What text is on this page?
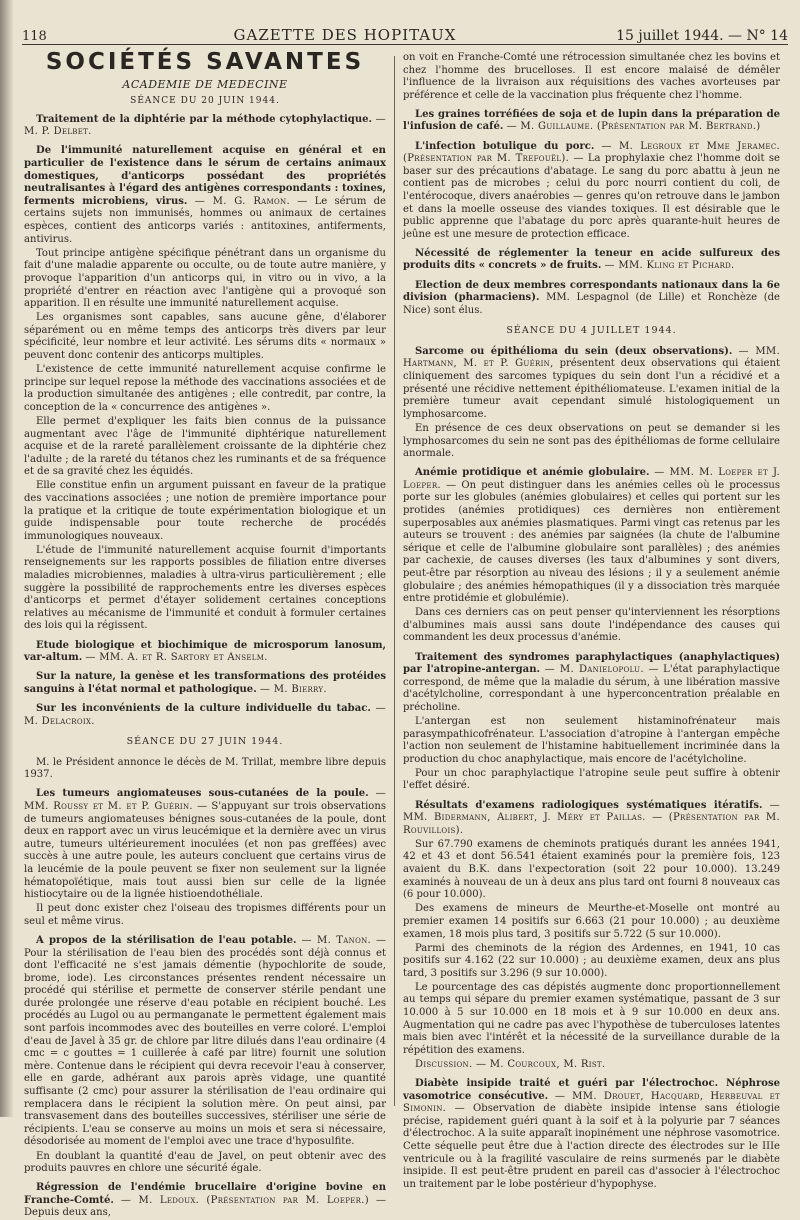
118	GAZETTE DES HOPITAUX	15 juillet 1944. — N° 14
SOCIÉTÉS SAVANTES
ACADEMIE DE MEDECINE
SÉANCE DU 20 JUIN 1944.

Traitement de la diphtérie par la méthode cytophylactique. — M. P. Delbet.

De l'immunité naturellement acquise en général et en particulier de l'existence dans le sérum de certains animaux domestiques, d'anticorps possédant des propriétés neutralisantes à l'égard des antigènes correspondants : toxines, ferments microbiens, virus. — M. G. Ramon. — Le sérum de certains sujets non immunisés, hommes ou animaux de certaines espèces, contient des anticorps variés : antitoxines, antiferments, antivirus.

Tout principe antigène spécifique pénétrant dans un organisme du fait d'une maladie apparente ou occulte, ou de toute autre manière, y provoque l'apparition d'un anticorps qui, in vitro ou in vivo, a la propriété d'entrer en réaction avec l'antigène qui a provoqué son apparition. Il en résulte une immunité naturellement acquise.

Les organismes sont capables, sans aucune gêne, d'élaborer séparément ou en même temps des anticorps très divers par leur spécificité, leur nombre et leur activité. Les sérums dits « normaux » peuvent donc contenir des anticorps multiples.

L'existence de cette immunité naturellement acquise confirme le principe sur lequel repose la méthode des vaccinations associées et de la production simultanée des antigènes ; elle contredit, par contre, la conception de la « concurrence des antigènes ».

Elle permet d'expliquer les faits bien connus de la puissance augmentant avec l'âge de l'immunité diphtérique naturellement acquise et de la rareté parallèlement croissante de la diphtérie chez l'adulte ; de la rareté du tétanos chez les ruminants et de sa fréquence et de sa gravité chez les équidés.

Elle constitue enfin un argument puissant en faveur de la pratique des vaccinations associées ; une notion de première importance pour la pratique et la critique de toute expérimentation biologique et un guide indispensable pour toute recherche de procédés immunologiques nouveaux.

L'étude de l'immunité naturellement acquise fournit d'importants renseignements sur les rapports possibles de filiation entre diverses maladies microbiennes, maladies à ultra-virus particulièrement ; elle suggère la possibilité de rapprochements entre les diverses espèces d'anticorps et permet d'étayer solidement certaines conceptions relatives au mécanisme de l'immunité et conduit à formuler certaines des lois qui la régissent.

Etude biologique et biochimique de microsporum lanosum, var-altum. — MM. A. et R. Sartory et Anselm.

Sur la nature, la genèse et les transformations des protéides sanguins à l'état normal et pathologique. — M. Bierry.

Sur les inconvénients de la culture individuelle du tabac. — M. Delacroix.

SÉANCE DU 27 JUIN 1944.

M. le Président annonce le décès de M. Trillat, membre libre depuis 1937.

Les tumeurs angiomateuses sous-cutanées de la poule. — MM. Roussy et M. et P. Guérin. — S'appuyant sur trois observations de tumeurs angiomateuses bénignes sous-cutanées de la poule, dont deux en rapport avec un virus leucémique et la dernière avec un virus autre, tumeurs ultérieurement inoculées (et non pas greffées) avec succès à une autre poule, les auteurs concluent que certains virus de la leucémie de la poule peuvent se fixer non seulement sur la lignée hématopoïétique, mais tout aussi bien sur celle de la lignée histiocytaire ou de la lignée histioendothéliale.

Il peut donc exister chez l'oiseau des tropismes différents pour un seul et même virus.

A propos de la stérilisation de l'eau potable. — M. Tanon. — Pour la stérilisation de l'eau bien des procédés sont déjà connus et dont l'efficacité ne s'est jamais démentie (hypochlorite de soude, brome, iode). Les circonstances présentes rendent nécessaire un procédé qui stérilise et permette de conserver stérile pendant une durée prolongée une réserve d'eau potable en récipient bouché. Les procédés au Lugol ou au permanganate le permettent également mais sont parfois incommodes avec des bouteilles en verre coloré. L'emploi d'eau de Javel à 35 gr. de chlore par litre dilués dans l'eau ordinaire (4 cmc = c gouttes = 1 cuillerée à café par litre) fournit une solution mère. Contenue dans le récipient qui devra recevoir l'eau à conserver, elle en garde, adhérant aux parois après vidage, une quantité suffisante (2 cmc) pour assurer la stérilisation de l'eau ordinaire qui remplacera dans le récipient la solution mère. On peut ainsi, par transvasement dans des bouteilles successives, stériliser une série de récipients. L'eau se conserve au moins un mois et sera si nécessaire, désodorisée au moment de l'emploi avec une trace d'hyposulfite.

En doublant la quantité d'eau de Javel, on peut obtenir avec des produits pauvres en chlore une sécurité égale.

Régression de l'endémie brucellaire d'origine bovine en Franche-Comté. — M. Ledoux. (Présentation par M. Loeper.) — Depuis deux ans,

on voit en Franche-Comté une rétrocession simultanée chez les bovins et chez l'homme des brucelloses. Il est encore malaisé de démêler l'influence de la livraison aux réquisitions des vaches avorteuses par préférence et celle de la vaccination plus fréquente chez l'homme.

Les graines torréfiées de soja et de lupin dans la préparation de l'infusion de café. — M. Guillaume. (Présentation par M. Bertrand.)

L'infection botulique du porc. — M. Legroux et Mme Jeramec. (Présentation par M. Trefouël). — La prophylaxie chez l'homme doit se baser sur des précautions d'abatage. Le sang du porc abattu à jeun ne contient pas de microbes ; celui du porc nourri contient du coli, de l'entérocoque, divers anaérobies — genres qu'on retrouve dans le jambon et dans la moelle osseuse des viandes toxiques. Il est désirable que le public apprenne que l'abatage du porc après quarante-huit heures de jeûne est une mesure de protection efficace.

Nécessité de réglementer la teneur en acide sulfureux des produits dits « concrets » de fruits. — MM. Kling et Pichard.

Election de deux membres correspondants nationaux dans la 6e division (pharmaciens). MM. Lespagnol (de Lille) et Ronchèze (de Nice) sont élus.

SÉANCE DU 4 JUILLET 1944.

Sarcome ou épithélioma du sein (deux observations). — MM. Hartmann, M. et P. Guérin, présentent deux observations qui étaient cliniquement des sarcomes typiques du sein dont l'un a récidivé et a présenté une récidive nettement épithéliomateuse. L'examen initial de la première tumeur avait cependant simulé histologiquement un lymphosarcome.

En présence de ces deux observations on peut se demander si les lymphosarcomes du sein ne sont pas des épithéliomas de forme cellulaire anormale.

Anémie protidique et anémie globulaire. — MM. M. Loeper et J. Loeper. — On peut distinguer dans les anémies celles où le processus porte sur les globules (anémies globulaires) et celles qui portent sur les protides (anémies protidiques) ces dernières non entièrement superposables aux anémies plasmatiques. Parmi vingt cas retenus par les auteurs se trouvent : des anémies par saignées (la chute de l'albumine sérique et celle de l'albumine globulaire sont parallèles) ; des anémies par cachexie, de causes diverses (les taux d'albumines y sont divers, peut-être par résorption au niveau des lésions ; il y a seulement anémie globulaire ; des anémies hémopathiques (il y a dissociation très marquée entre protidémie et globulémie).

Dans ces derniers cas on peut penser qu'interviennent les résorptions d'albumines mais aussi sans doute l'indépendance des causes qui commandent les deux processus d'anémie.

Traitement des syndromes paraphylactiques (anaphylactiques) par l'atropine-antergan. — M. Danielopolu. — L'état paraphylactique correspond, de même que la maladie du sérum, à une libération massive d'acétylcholine, correspondant à une hyperconcentration préalable en précholine.

L'antergan est non seulement histaminofrénateur mais parasympathicofrénateur. L'association d'atropine à l'antergan empêche l'action non seulement de l'histamine habituellement incriminée dans la production du choc anaphylactique, mais encore de l'acétylcholine.

Pour un choc paraphylactique l'atropine seule peut suffire à obtenir l'effet désiré.

Résultats d'examens radiologiques systématiques itératifs. — MM. Bidermann, Alibert, J. Méry et Paillas. — (Présentation par M. Rouvillois).

Sur 67.790 examens de cheminots pratiqués durant les années 1941, 42 et 43 et dont 56.541 étaient examinés pour la première fois, 123 avaient du B.K. dans l'expectoration (soit 22 pour 10.000). 13.249 examinés à nouveau de un à deux ans plus tard ont fourni 8 nouveaux cas (6 pour 10.000).

Des examens de mineurs de Meurthe-et-Moselle ont montré au premier examen 14 positifs sur 6.663 (21 pour 10.000) ; au deuxième examen, 18 mois plus tard, 3 positifs sur 5.722 (5 sur 10.000).

Parmi des cheminots de la région des Ardennes, en 1941, 10 cas positifs sur 4.162 (22 sur 10.000) ; au deuxième examen, deux ans plus tard, 3 positifs sur 3.296 (9 sur 10.000).

Le pourcentage des cas dépistés augmente donc proportionnellement au temps qui sépare du premier examen systématique, passant de 3 sur 10.000 à 5 sur 10.000 en 18 mois et à 9 sur 10.000 en deux ans. Augmentation qui ne cadre pas avec l'hypothèse de tuberculoses latentes mais bien avec l'intérêt et la nécessité de la surveillance durable de la répétition des examens.

Discussion. — M. Courcoux, M. Rist.

Diabète insipide traité et guéri par l'électrochoc. Néphrose vasomotrice consécutive. — MM. Drouet, Hacquard, Herbeuval et Simonin. — Observation de diabète insipide intense sans étiologie précise, rapidement guéri quant à la soif et à la polyurie par 7 séances d'électrochoc. A la suite apparaît inopinément une néphrose vasomotrice. Cette séquelle peut être due à l'action directe des électrodes sur le IIIe ventricule ou à la fragilité vasculaire de reins surmenés par le diabète insipide. Il est peut-être prudent en pareil cas d'associer à l'électrochoc un traitement par le lobe postérieur d'hypophyse.
